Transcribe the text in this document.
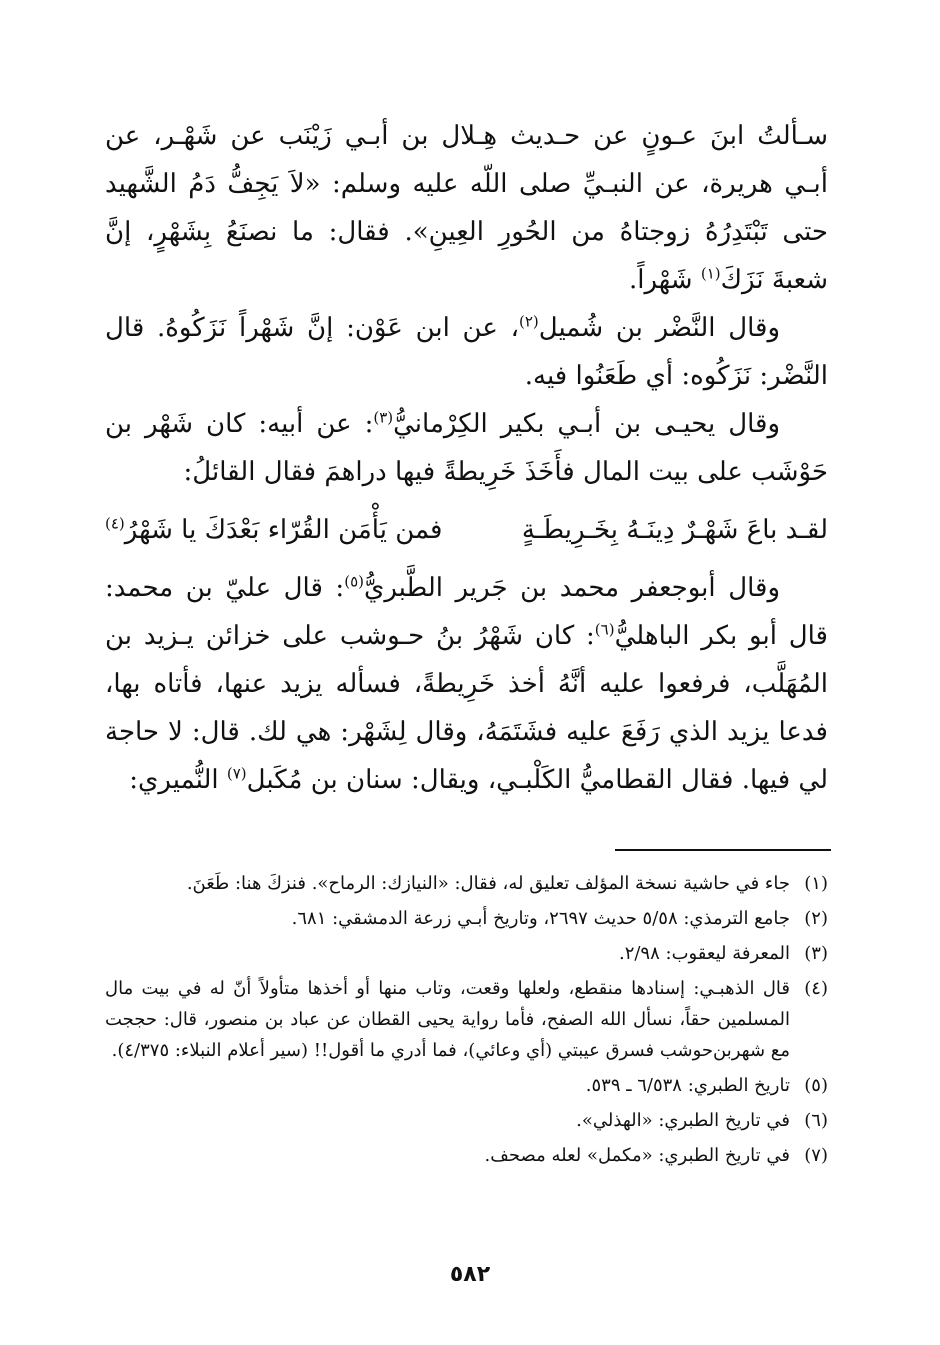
سـألتُ ابنَ عـونٍ عن حـديث هِـلال بن أبـي زَيْنَب عن شَهْـر، عن أبـي هريرة، عن النبـيِّ صلى اللّه عليه وسلم: «لاَ يَجِفُّ دَمُ الشَّهيد حتى تَبْتَدِرُهُ زوجتاهُ من الحُورِ العِينِ». فقال: ما نصنَعُ بِشَهْرٍ، إنَّ شعبةَ نَزَكَ$^{(١)}$ شَهْراً.

وقال النَّضْر بن شُميل$^{(٢)}$، عن ابن عَوْن: إنَّ شَهْراً نَزَكُوهُ. قال النَّضْر: نَزَكُوه: أي طَعَنُوا فيه.

وقال يحيـى بن أبـي بكير الكِرْمانيُّ$^{(٣)}$: عن أبيه: كان شَهْر بن حَوْشَب على بيت المال فأَخَذَ خَرِيطةً فيها دراهمَ فقال القائلُ:

لقـد باعَ شَهْـرٌ دِينَـهُ بِخَـرِيطَـةٍ
فمن يَأْمَن القُرّاء بَعْدَكَ يا شَهْرُ$^{(٤)}$

وقال أبوجعفر محمد بن جَرير الطَّبريُّ$^{(٥)}$: قال عليّ بن محمد: قال أبو بكر الباهليُّ$^{(٦)}$: كان شَهْرُ بنُ حـوشب على خزائن يـزيد بن المُهَلَّب، فرفعوا عليه أنَّهُ أخذ خَرِيطةً، فسأله يزيد عنها، فأتاه بها، فدعا يزيد الذي رَفَعَ عليه فشَتَمَهُ، وقال لِشَهْر: هي لك. قال: لا حاجة لي فيها. فقال القطاميُّ الكَلْبـي، ويقال: سنان بن مُكَبل$^{(٧)}$ النُّميري:

(١)
جاء في حاشية نسخة المؤلف تعليق له، فقال: «النيازك: الرماح». فنزكَ هنا: طَعَنَ.
(٢)
جامع الترمذي: ٥/٥٨ حديث ٢٦٩٧، وتاريخ أبـي زرعة الدمشقي: ٦٨١.
(٣)
المعرفة ليعقوب: ٢/٩٨.
(٤)
قال الذهبـي: إسنادها منقطع، ولعلها وقعت، وتاب منها أو أخذها متأولاً أنّ له في بيت مال المسلمين حقاً، نسأل الله الصفح، فأما رواية يحيى القطان عن عباد بن منصور، قال: حججت مع شهربن‌حوشب فسرق عيبتي (أي وعائي)، فما أدري ما أقول!! (سير أعلام النبلاء: ٤/٣٧٥).
(٥)
تاريخ الطبري: ٦/٥٣٨ ـ ٥٣٩.
(٦)
في تاريخ الطبري: «الهذلي».
(٧)
في تاريخ الطبري: «مكمل» لعله مصحف.
٥٨٢
